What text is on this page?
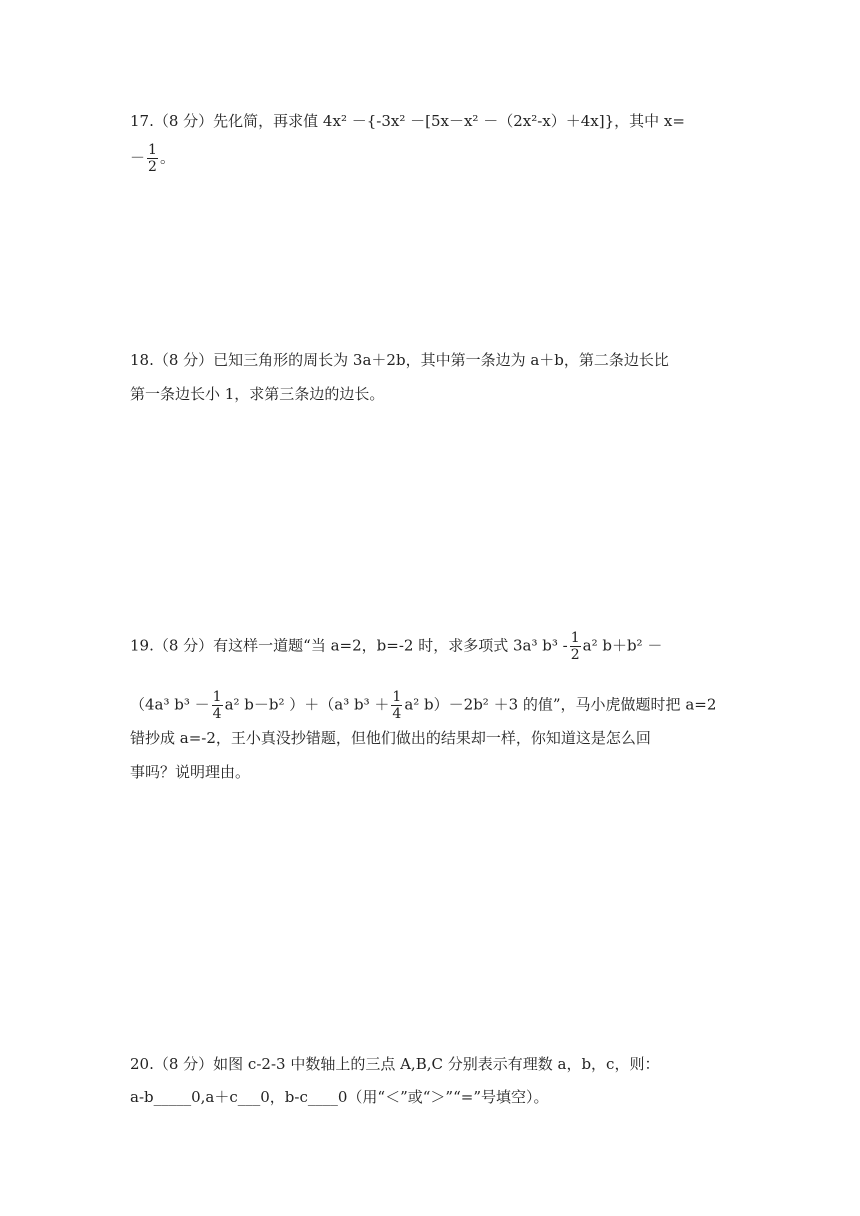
17.（8 分）先化简，再求值 4x² －{-3x² －[5x－x² －（2x²-x）＋4x]}，其中 x=
－ $\frac{1}{2}$ 。
18.（8 分）已知三角形的周长为 3a＋2b，其中第一条边为 a＋b，第二条边长比
第一条边长小 1，求第三条边的边长。
19.（8 分）有这样一道题“当 a=2，b=-2 时，求多项式 3a³ $b^3 - \frac{1}{2} a^2$ b＋b² －
（4a³ $b^3 - \frac{1}{4} a^2$ b－b² ）＋（a³ $b^3 + \frac{1}{4} a^2$ b）－2b² ＋3 的值”，马小虎做题时把 a=2
错抄成 a=-2，王小真没抄错题，但他们做出的结果却一样，你知道这是怎么回
事吗？说明理由。
20.（8 分）如图 c-2-3 中数轴上的三点 A,B,C 分别表示有理数 a，b，c，则：
a-b_____0,a＋c___0，b-c____0（用“＜”或“＞”“=”号填空）。
